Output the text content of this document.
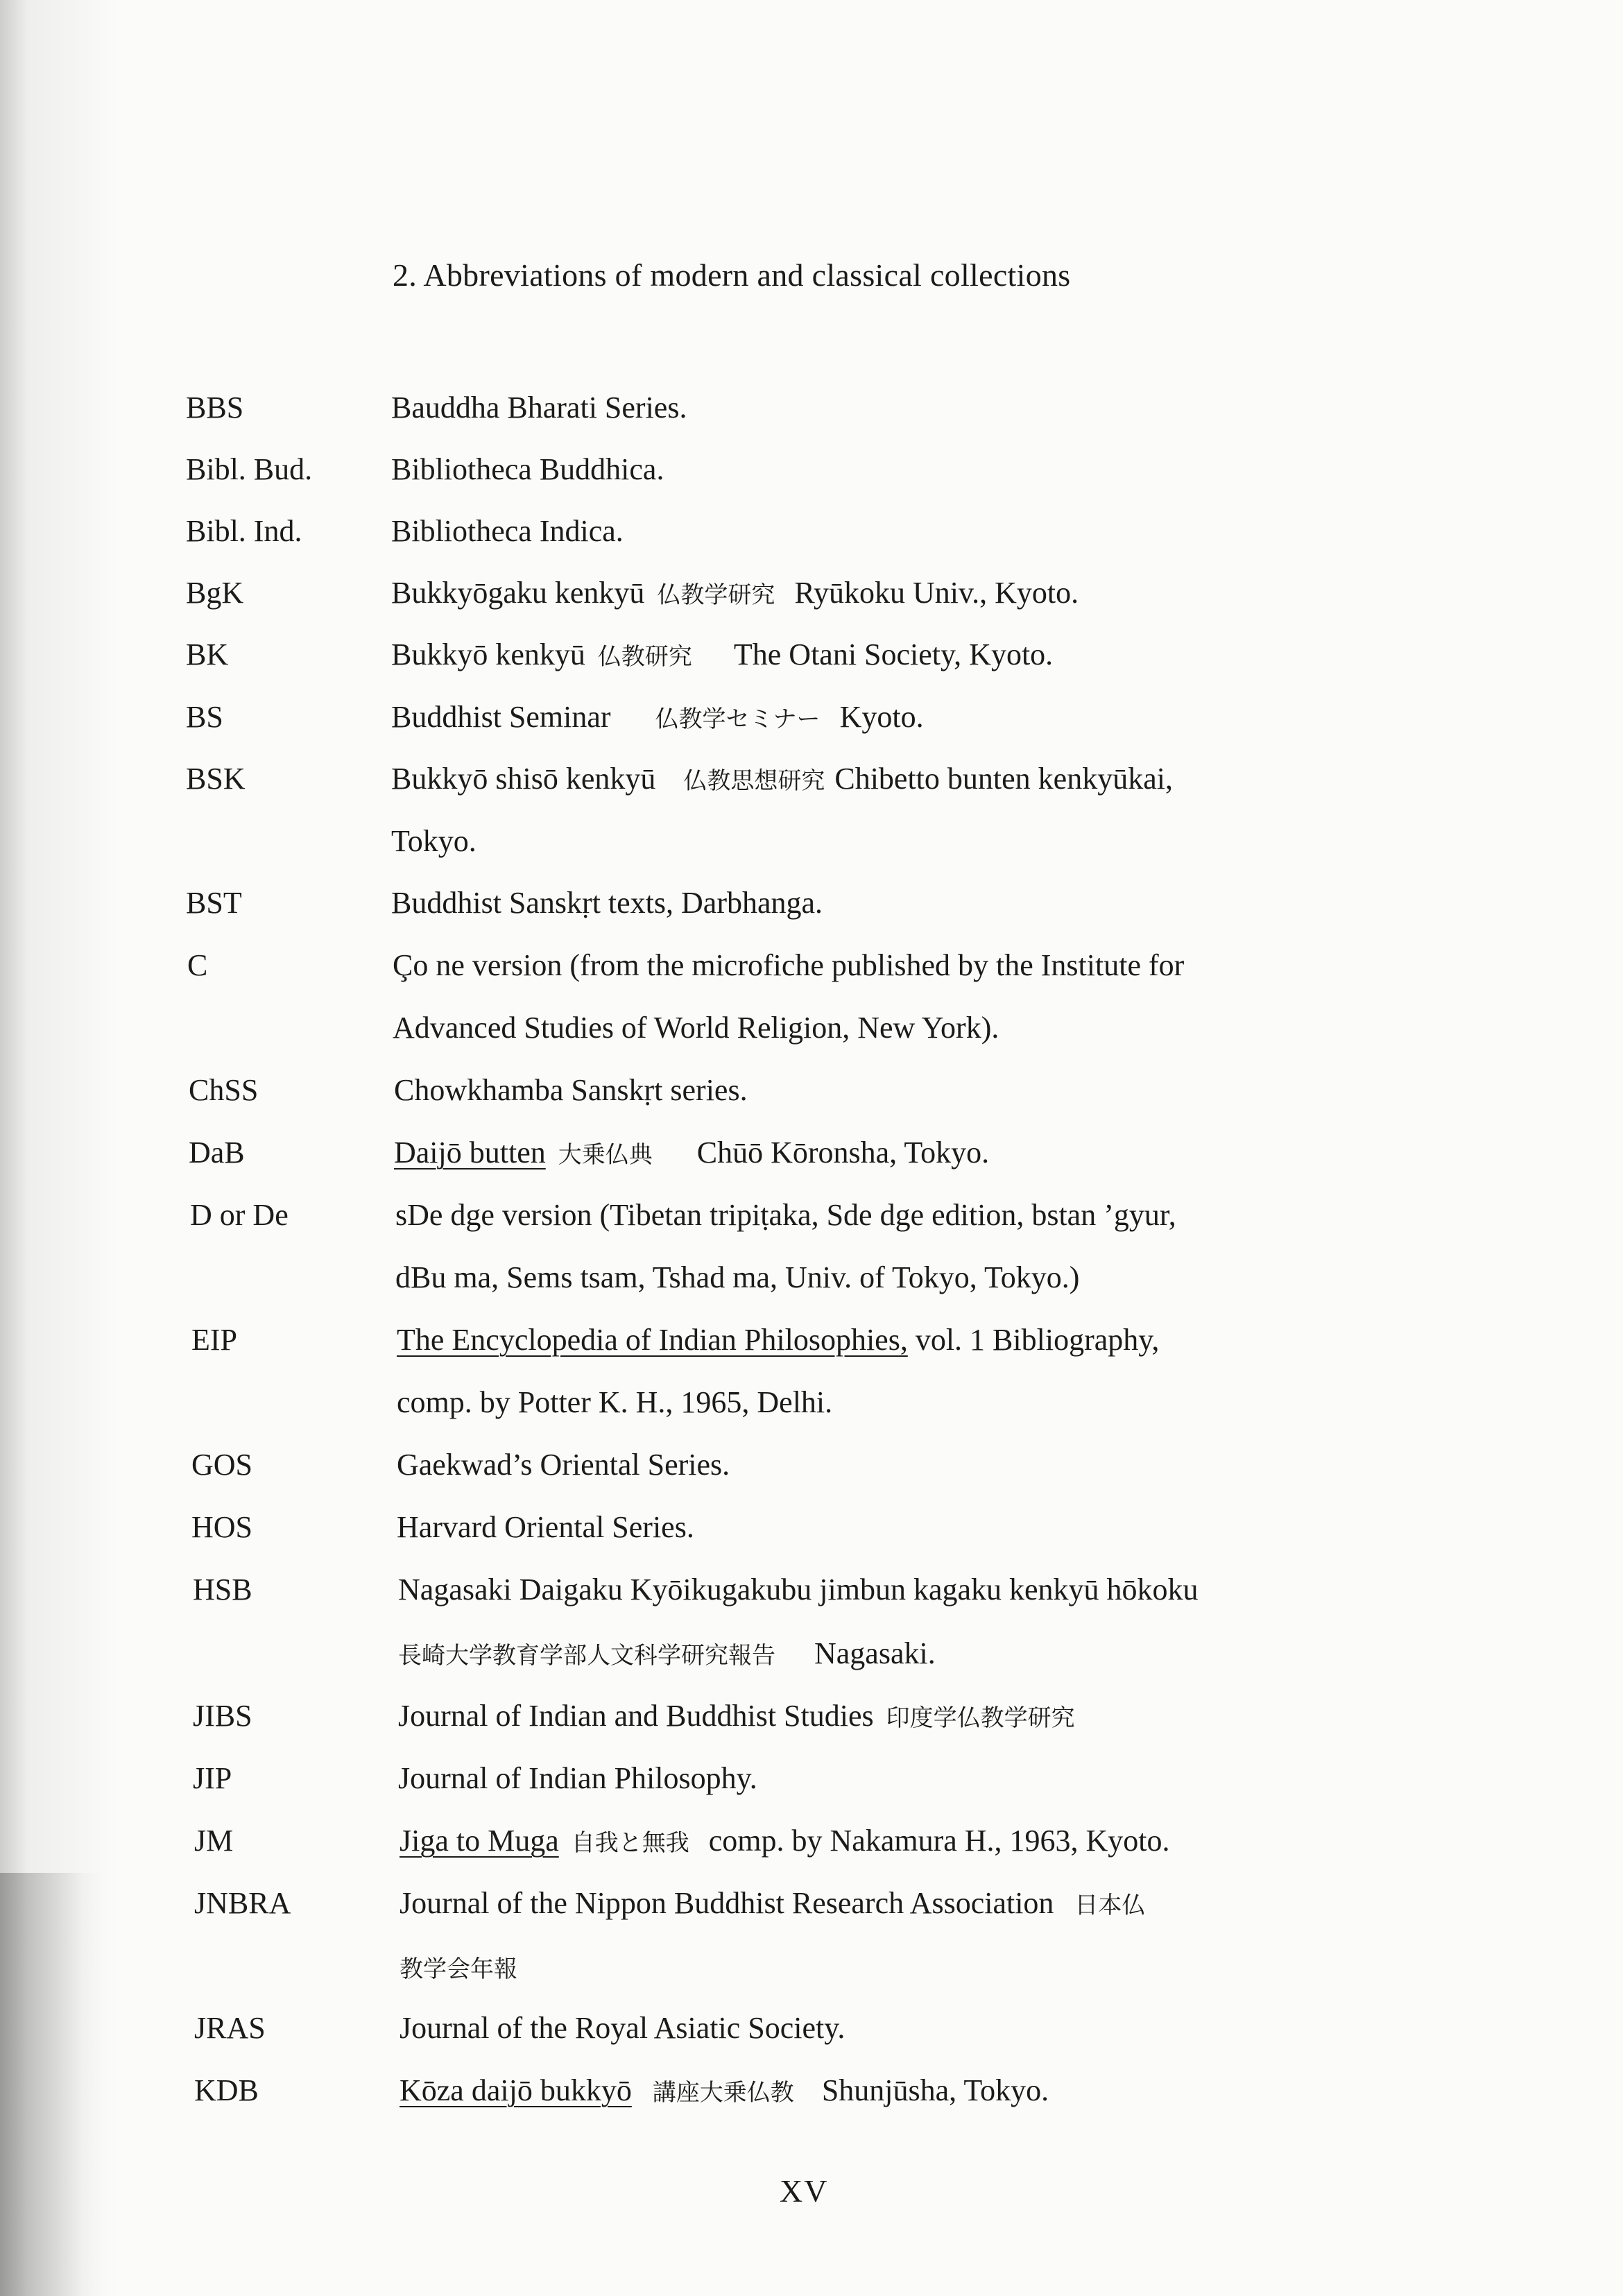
2. Abbreviations of modern and classical collections
BBS	Bauddha Bharati Series.
Bibl. Bud.	Bibliotheca Buddhica.
Bibl. Ind.	Bibliotheca Indica.
BgK	Bukkyōgaku kenkyū 仏教学研究 Ryūkoku Univ., Kyoto.
BK	Bukkyō kenkyū 仏教研究 The Otani Society, Kyoto.
BS	Buddhist Seminar 仏教学セミナー Kyoto.
BSK	Bukkyō shisō kenkyū 仏教思想研究 Chibetto bunten kenkyūkai,
Tokyo.
BST	Buddhist Sanskṛt texts, Darbhanga.
C	Ço ne version (from the microfiche published by the Institute for
Advanced Studies of World Religion, New York).
ChSS	Chowkhamba Sanskṛt series.
DaB	Daijō butten 大乗仏典 Chūō Kōronsha, Tokyo.
D or De	sDe dge version (Tibetan tripiṭaka, Sde dge edition, bstan ’gyur,
dBu ma, Sems tsam, Tshad ma, Univ. of Tokyo, Tokyo.)
EIP	The Encyclopedia of Indian Philosophies, vol. 1 Bibliography,
comp. by Potter K. H., 1965, Delhi.
GOS	Gaekwad’s Oriental Series.
HOS	Harvard Oriental Series.
HSB	Nagasaki Daigaku Kyōikugakubu jimbun kagaku kenkyū hōkoku
長崎大学教育学部人文科学研究報告 Nagasaki.
JIBS	Journal of Indian and Buddhist Studies 印度学仏教学研究
JIP	Journal of Indian Philosophy.
JM	Jiga to Muga 自我と無我 comp. by Nakamura H., 1963, Kyoto.
JNBRA	Journal of the Nippon Buddhist Research Association 日本仏
教学会年報
JRAS	Journal of the Royal Asiatic Society.
KDB	Kōza daijō bukkyō 講座大乗仏教 Shunjūsha, Tokyo.
XV
